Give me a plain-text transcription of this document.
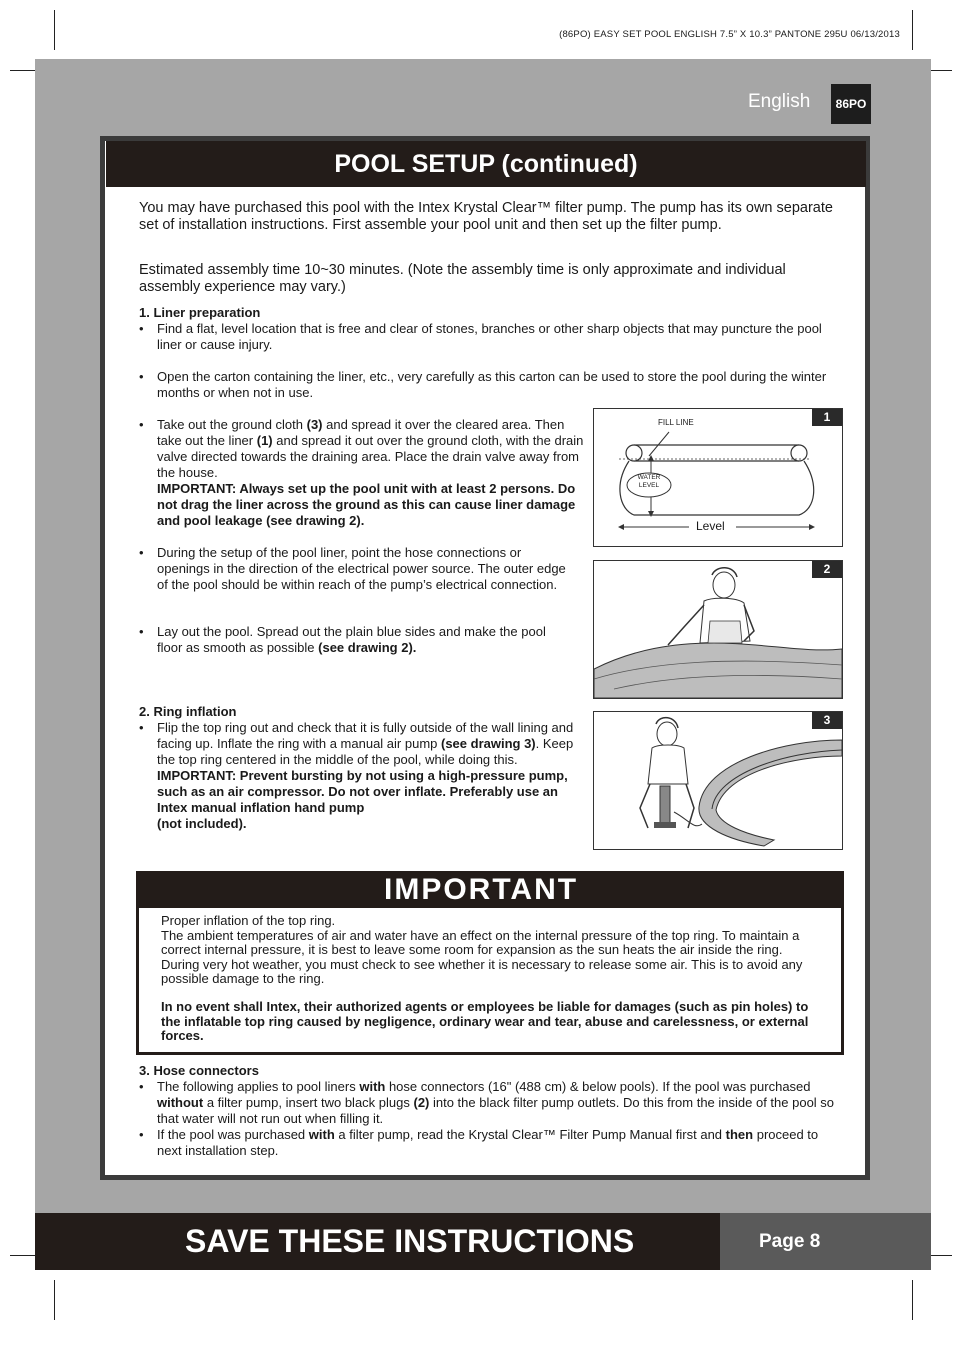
(86PO) EASY SET POOL ENGLISH 7.5” X 10.3” PANTONE 295U 06/13/2013
English	86PO
POOL SETUP (continued)
You may have purchased this pool with the Intex Krystal Clear™ filter pump. The pump has its own separate set of installation instructions. First assemble your pool unit and then set up the filter pump.
Estimated assembly time 10~30 minutes. (Note the assembly time is only approximate and individual assembly experience may vary.)
1. Liner preparation
• Find a flat, level location that is free and clear of stones, branches or other sharp objects that may puncture the pool liner or cause injury.
• Open the carton containing the liner, etc., very carefully as this carton can be used to store the pool during the winter months or when not in use.
• Take out the ground cloth (3) and spread it over the cleared area. Then take out the liner (1) and spread it out over the ground cloth, with the drain valve directed towards the draining area. Place the drain valve away from the house.
IMPORTANT: Always set up the pool unit with at least 2 persons. Do not drag the liner across the ground as this can cause liner damage and pool leakage (see drawing 2).
• During the setup of the pool liner, point the hose connections or openings in the direction of the electrical power source. The outer edge of the pool should be within reach of the pump’s electrical connection.
• Lay out the pool. Spread out the plain blue sides and make the pool floor as smooth as possible (see drawing 2).
2. Ring inflation
• Flip the top ring out and check that it is fully outside of the wall lining and facing up. Inflate the ring with a manual air pump (see drawing 3). Keep the top ring centered in the middle of the pool, while doing this.
IMPORTANT: Prevent bursting by not using a high-pressure pump, such as an air compressor. Do not over inflate. Preferably use an Intex manual inflation hand pump
(not included).
1
FILL LINE
WATER
LEVEL
Level
2
3
IMPORTANT
Proper inflation of the top ring.
The ambient temperatures of air and water have an effect on the internal pressure of the top ring. To maintain a correct internal pressure, it is best to leave some room for expansion as the sun heats the air inside the ring. During very hot weather, you must check to see whether it is necessary to release some air. This is to avoid any possible damage to the ring.
In no event shall Intex, their authorized agents or employees be liable for damages (such as pin holes) to the inflatable top ring caused by negligence, ordinary wear and tear, abuse and carelessness, or external forces.
3. Hose connectors
• The following applies to pool liners with hose connectors (16" (488 cm) & below pools). If the pool was purchased without a filter pump, insert two black plugs (2) into the black filter pump outlets. Do this from the inside of the pool so that water will not run out when filling it.
• If the pool was purchased with a filter pump, read the Krystal Clear™ Filter Pump Manual first and then proceed to next installation step.
SAVE THESE INSTRUCTIONS	Page 8
